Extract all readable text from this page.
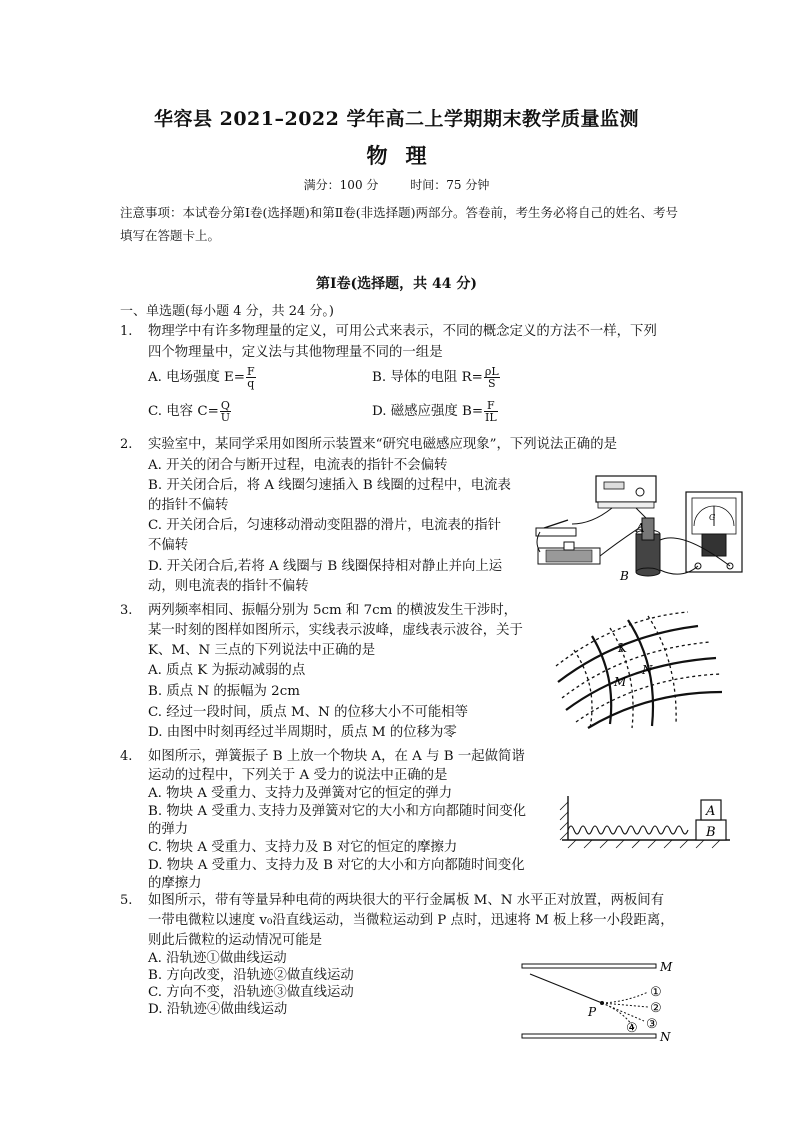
华容县 2021–2022 学年高二上学期期末教学质量监测
物理
满分：100 分	时间：75 分钟
注意事项：本试卷分第Ⅰ卷(选择题)和第Ⅱ卷(非选择题)两部分。答卷前，考生务必将自己的姓名、考号填写在答题卡上。
第Ⅰ卷(选择题，共 44 分)
一、单选题(每小题 4 分，共 24 分。)
1. 物理学中有许多物理量的定义，可用公式来表示，不同的概念定义的方法不一样，下列
四个物理量中，定义法与其他物理量不同的一组是
A. 电场强度 $E= \frac{F}{q}$	B. 导体的电阻 $R= \frac{\rho L}{S}$
C. 电容 $C= \frac{Q}{U}$	D. 磁感应强度 $B= \frac{F}{IL}$
2. 实验室中，某同学采用如图所示装置来“研究电磁感应现象”，下列说法正确的是
A. 开关的闭合与断开过程，电流表的指针不会偏转
B. 开关闭合后，将 A 线圈匀速插入 B 线圈的过程中，电流表
的指针不偏转
C. 开关闭合后，匀速移动滑动变阻器的滑片，电流表的指针
不偏转
D. 开关闭合后,若将 A 线圈与 B 线圈保持相对静止并向上运
动，则电流表的指针不偏转
G
A
B
3. 两列频率相同、振幅分别为 5cm 和 7cm 的横波发生干涉时，
某一时刻的图样如图所示，实线表示波峰，虚线表示波谷，关于
K、M、N 三点的下列说法中正确的是
A. 质点 K 为振动减弱的点
B. 质点 N 的振幅为 2cm
C. 经过一段时间，质点 M、N 的位移大小不可能相等
D. 由图中时刻再经过半周期时，质点 M 的位移为零
K
N
M
4. 如图所示，弹簧振子 B 上放一个物块 A，在 A 与 B 一起做简谐
运动的过程中，下列关于 A 受力的说法中正确的是
A. 物块 A 受重力、支持力及弹簧对它的恒定的弹力
B. 物块 A 受重力､支持力及弹簧对它的大小和方向都随时间变化
的弹力
C. 物块 A 受重力、支持力及 B 对它的恒定的摩擦力
D. 物块 A 受重力、支持力及 B 对它的大小和方向都随时间变化
的摩擦力
A
B
5. 如图所示，带有等量异种电荷的两块很大的平行金属板 M、N 水平正对放置，两板间有
一带电微粒以速度 v₀沿直线运动，当微粒运动到 P 点时，迅速将 M 板上移一小段距离，
则此后微粒的运动情况可能是
A. 沿轨迹①做曲线运动
B. 方向改变，沿轨迹②做直线运动
C. 方向不变，沿轨迹③做直线运动
D. 沿轨迹④做曲线运动
M
N
P
①
②
③
④
